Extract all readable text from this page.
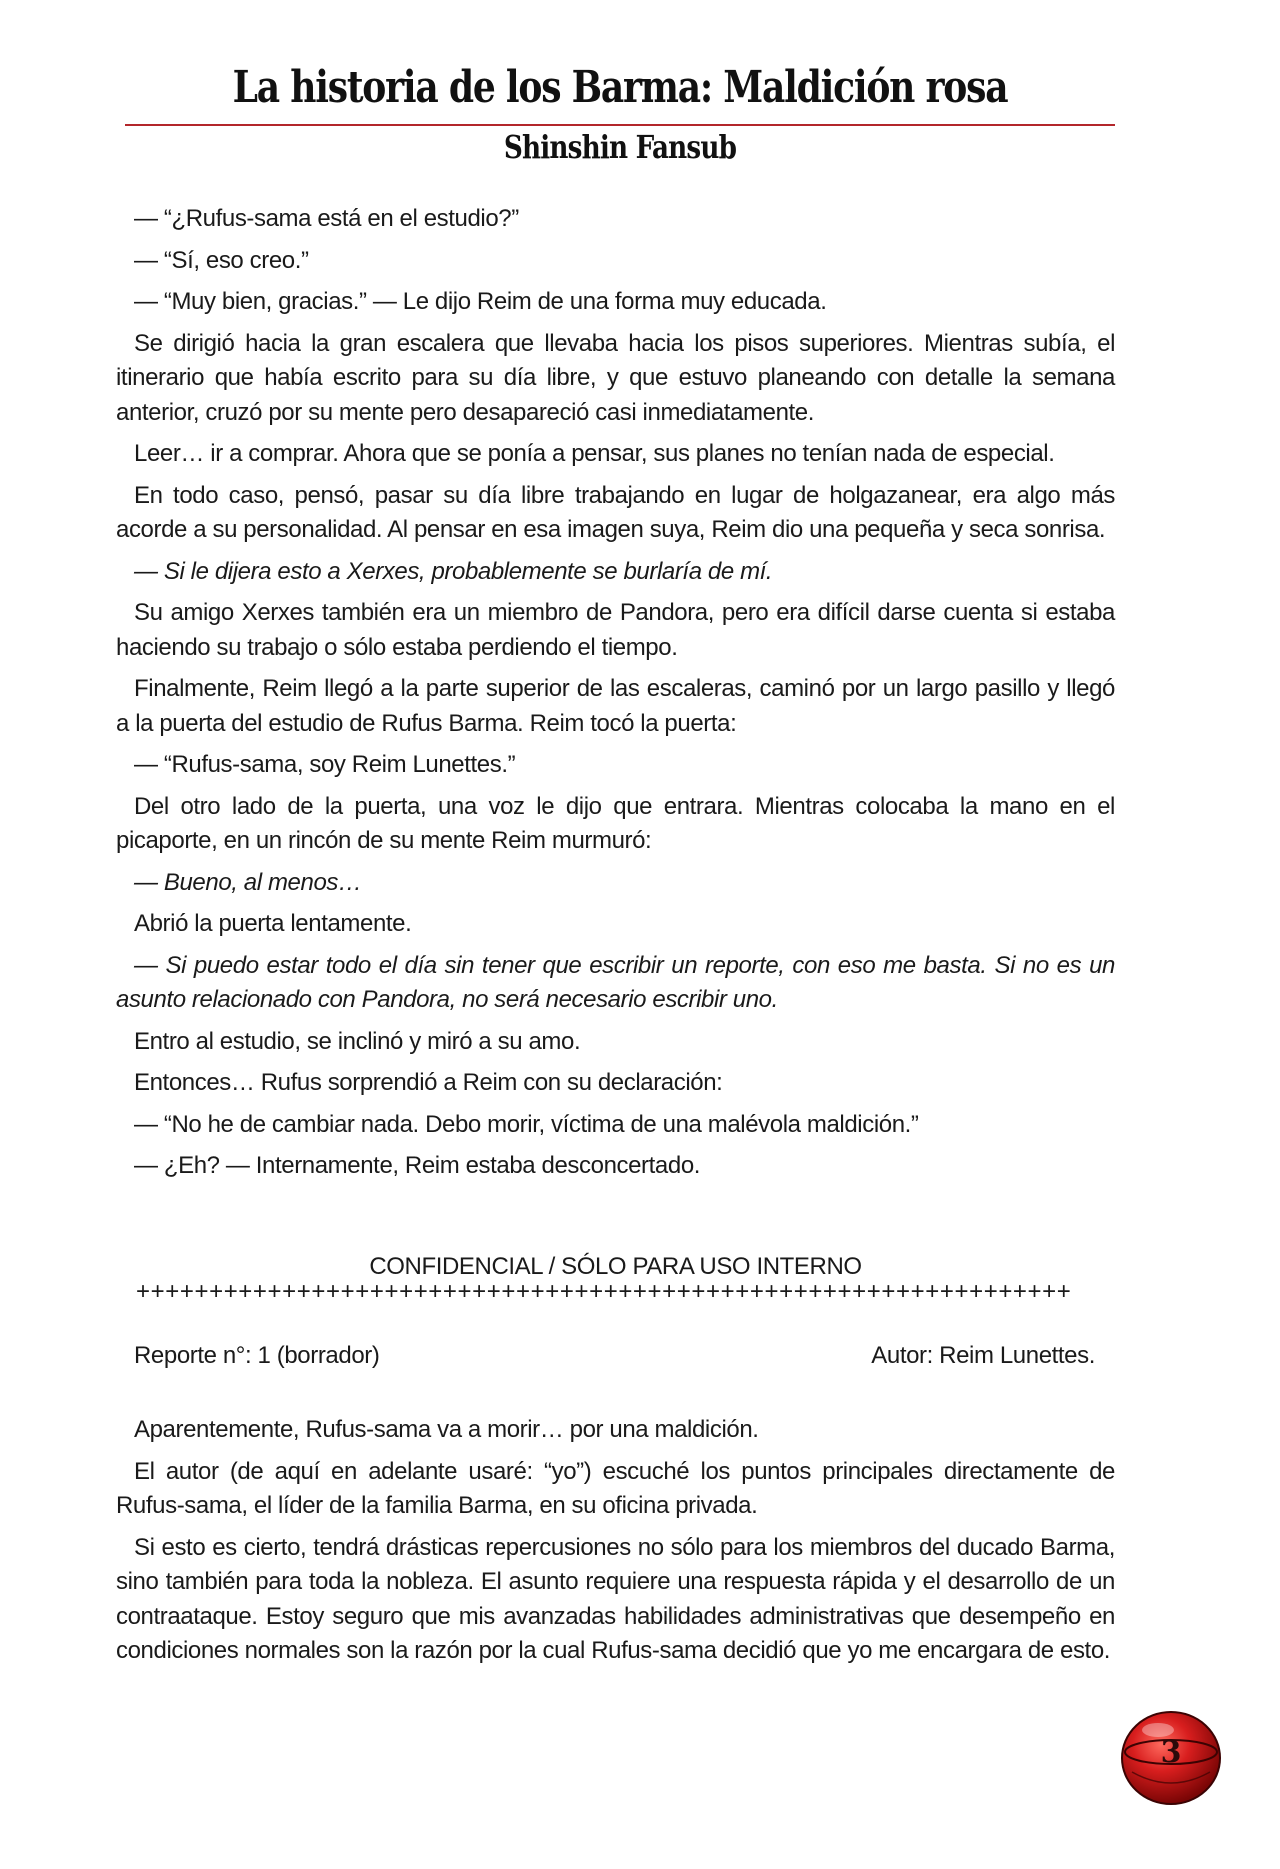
La historia de los Barma: Maldición rosa
Shinshin Fansub

— “¿Rufus-sama está en el estudio?”

— “Sí, eso creo.”

— “Muy bien, gracias.” — Le dijo Reim de una forma muy educada.

Se dirigió hacia la gran escalera que llevaba hacia los pisos superiores. Mientras subía, el itinerario que había escrito para su día libre, y que estuvo planeando con detalle la semana anterior, cruzó por su mente pero desapareció casi inmediatamente.

Leer… ir a comprar. Ahora que se ponía a pensar, sus planes no tenían nada de especial.

En todo caso, pensó, pasar su día libre trabajando en lugar de holgazanear, era algo más acorde a su personalidad. Al pensar en esa imagen suya, Reim dio una pequeña y seca sonrisa.

— Si le dijera esto a Xerxes, probablemente se burlaría de mí.

Su amigo Xerxes también era un miembro de Pandora, pero era difícil darse cuenta si estaba haciendo su trabajo o sólo estaba perdiendo el tiempo.

Finalmente, Reim llegó a la parte superior de las escaleras, caminó por un largo pasillo y llegó a la puerta del estudio de Rufus Barma. Reim tocó la puerta:

— “Rufus-sama, soy Reim Lunettes.”

Del otro lado de la puerta, una voz le dijo que entrara. Mientras colocaba la mano en el picaporte, en un rincón de su mente Reim murmuró:

— Bueno, al menos…

Abrió la puerta lentamente.

— Si puedo estar todo el día sin tener que escribir un reporte, con eso me basta. Si no es un asunto relacionado con Pandora, no será necesario escribir uno.

Entro al estudio, se inclinó y miró a su amo.

Entonces… Rufus sorprendió a Reim con su declaración:

— “No he de cambiar nada. Debo morir, víctima de una malévola maldición.”

— ¿Eh? — Internamente, Reim estaba desconcertado.

CONFIDENCIAL / SÓLO PARA USO INTERNO
++++++++++++++++++++++++++++++++++++++++++++++++++++++++++++++++
Reporte n°: 1 (borrador)	Autor: Reim Lunettes.

Aparentemente, Rufus-sama va a morir… por una maldición.

El autor (de aquí en adelante usaré: “yo”) escuché los puntos principales directamente de Rufus-sama, el líder de la familia Barma, en su oficina privada.

Si esto es cierto, tendrá drásticas repercusiones no sólo para los miembros del ducado Barma, sino también para toda la nobleza. El asunto requiere una respuesta rápida y el desarrollo de un contraataque. Estoy seguro que mis avanzadas habilidades administrativas que desempeño en condiciones normales son la razón por la cual Rufus-sama decidió que yo me encargara de esto.

3
